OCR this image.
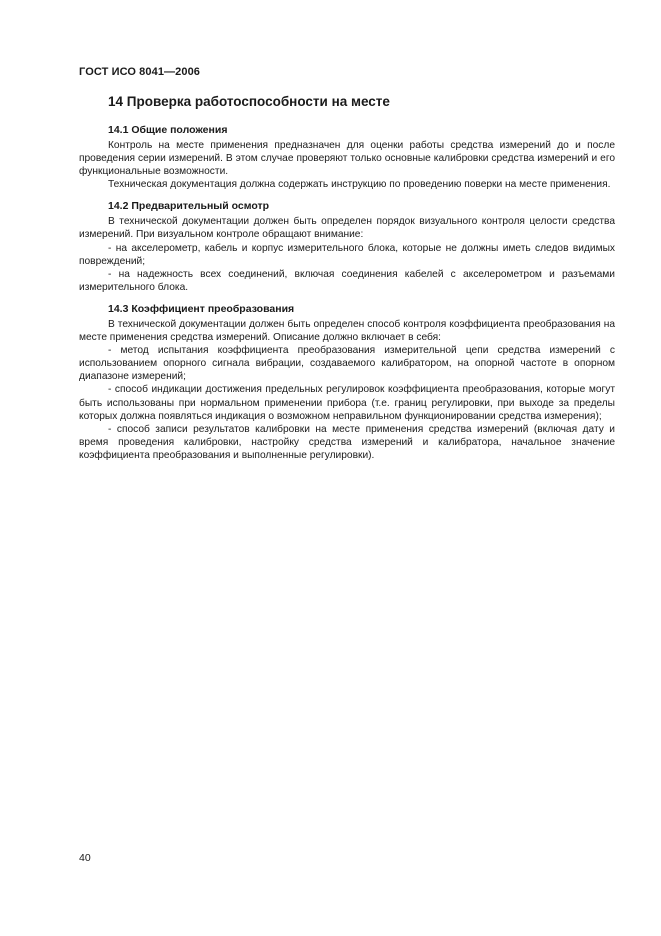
ГОСТ ИСО 8041—2006
14 Проверка работоспособности на месте
14.1 Общие положения

Контроль на месте применения предназначен для оценки работы средства измерений до и после проведения серии измерений. В этом случае проверяют только основные калибровки средства измерений и его функциональные возможности.

Техническая документация должна содержать инструкцию по проведению поверки на месте применения.

14.2 Предварительный осмотр

В технической документации должен быть определен порядок визуального контроля целости средства измерений. При визуальном контроле обращают внимание:

- на акселерометр, кабель и корпус измерительного блока, которые не должны иметь следов видимых повреждений;

- на надежность всех соединений, включая соединения кабелей с акселерометром и разъемами измерительного блока.

14.3 Коэффициент преобразования

В технической документации должен быть определен способ контроля коэффициента преобразования на месте применения средства измерений. Описание должно включает в себя:

- метод испытания коэффициента преобразования измерительной цепи средства измерений с использованием опорного сигнала вибрации, создаваемого калибратором, на опорной частоте в опорном диапазоне измерений;

- способ индикации достижения предельных регулировок коэффициента преобразования, которые могут быть использованы при нормальном применении прибора (т.е. границ регулировки, при выходе за пределы которых должна появляться индикация о возможном неправильном функционировании средства измерения);

- способ записи результатов калибровки на месте применения средства измерений (включая дату и время проведения калибровки, настройку средства измерений и калибратора, начальное значение коэффициента преобразования и выполненные регулировки).

40
